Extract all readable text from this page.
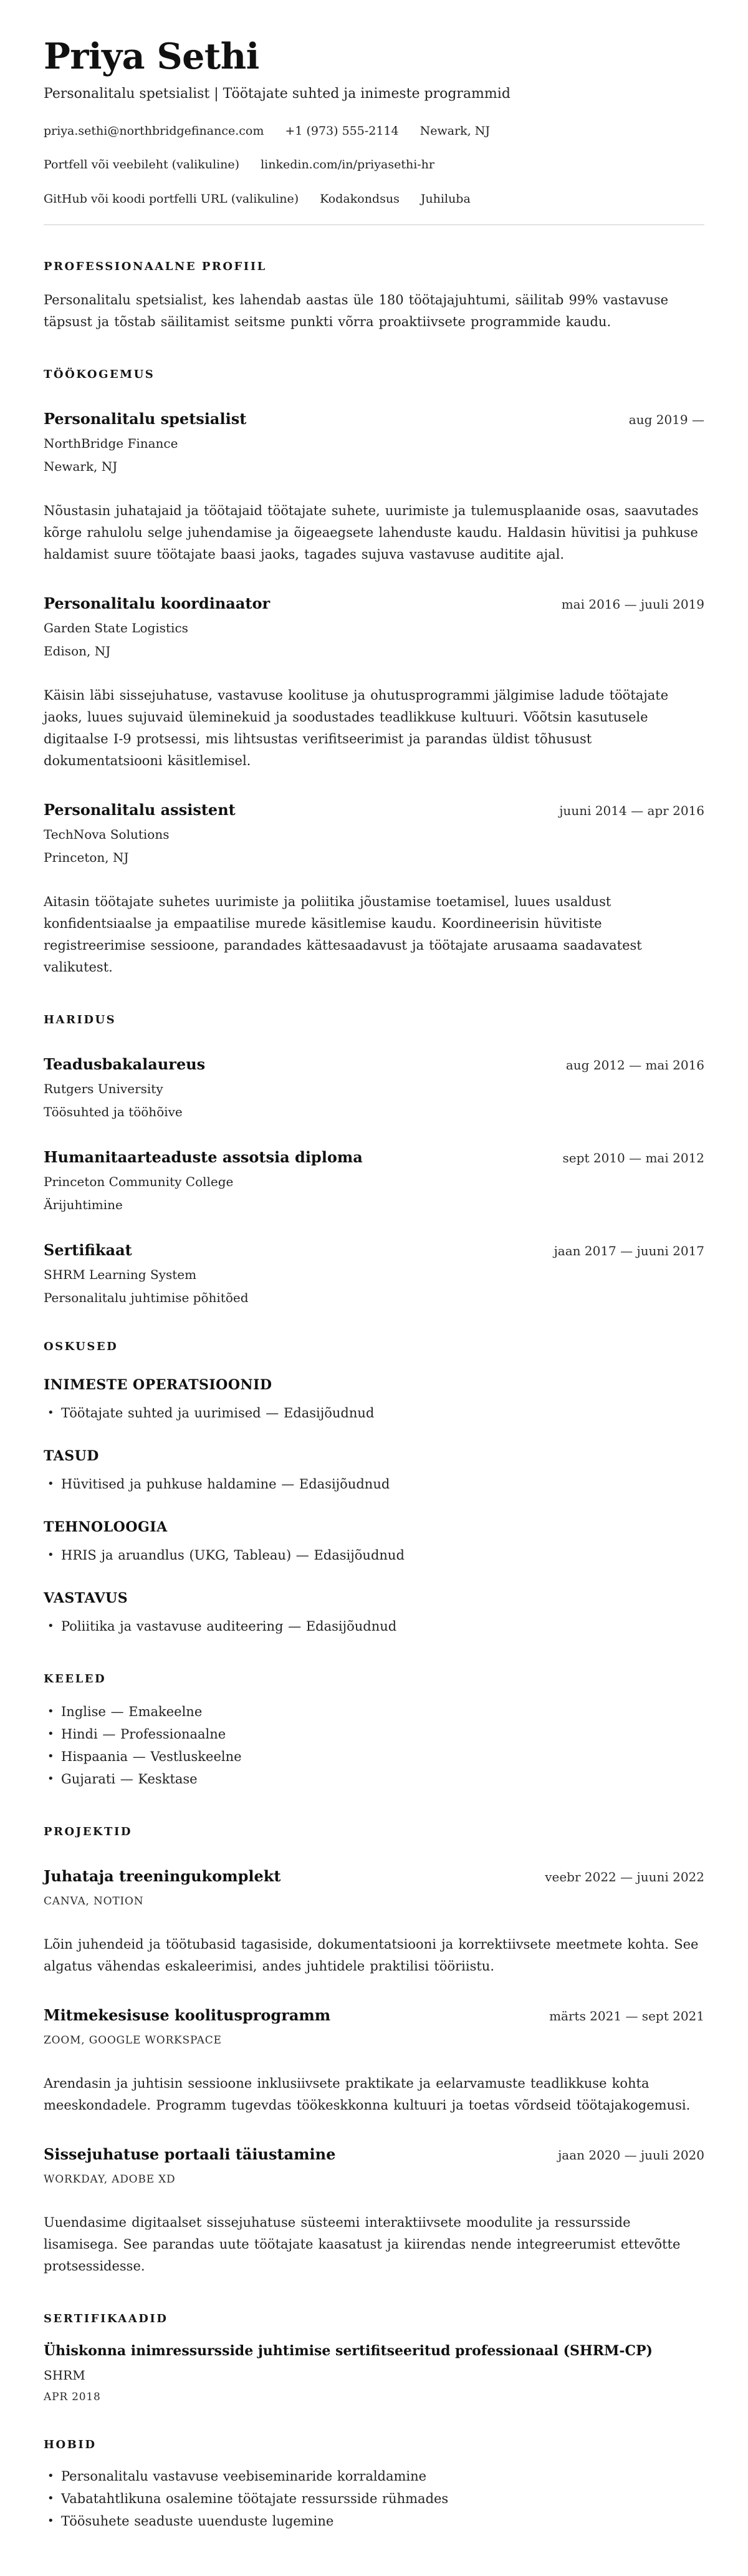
Priya Sethi

Personalitalu spetsialist | Töötajate suhted ja inimeste programmid

priya.sethi@northbridgefinance.com +1 (973) 555-2114 Newark, NJ
Portfell või veebileht (valikuline) linkedin.com/in/priyasethi-hr
GitHub või koodi portfelli URL (valikuline) Kodakondsus Juhiluba
PROFESSIONAALNE PROFIIL

Personalitalu spetsialist, kes lahendab aastas üle 180 töötajajuhtumi, säilitab 99% vastavuse täpsust ja tõstab säilitamist seitsme punkti võrra proaktiivsete programmide kaudu.

TÖÖKOGEMUS
Personalitalu spetsialist	aug 2019 —

NorthBridge Finance

Newark, NJ

Nõustasin juhatajaid ja töötajaid töötajate suhete, uurimiste ja tulemusplaanide osas, saavutades kõrge rahulolu selge juhendamise ja õigeaegsete lahenduste kaudu. Haldasin hüvitisi ja puhkuse haldamist suure töötajate baasi jaoks, tagades sujuva vastavuse auditite ajal.

Personalitalu koordinaator	mai 2016 — juuli 2019

Garden State Logistics

Edison, NJ

Käisin läbi sissejuhatuse, vastavuse koolituse ja ohutusprogrammi jälgimise ladude töötajate jaoks, luues sujuvaid üleminekuid ja soodustades teadlikkuse kultuuri. Võõtsin kasutusele digitaalse I-9 protsessi, mis lihtsustas verifitseerimist ja parandas üldist tõhusust dokumentatsiooni käsitlemisel.

Personalitalu assistent	juuni 2014 — apr 2016

TechNova Solutions

Princeton, NJ

Aitasin töötajate suhetes uurimiste ja poliitika jõustamise toetamisel, luues usaldust konfidentsiaalse ja empaatilise murede käsitlemise kaudu. Koordineerisin hüvitiste registreerimise sessioone, parandades kättesaadavust ja töötajate arusaama saadavatest valikutest.

HARIDUS
Teadusbakalaureus	aug 2012 — mai 2016

Rutgers University

Töösuhted ja tööhõive

Humanitaarteaduste assotsia diploma	sept 2010 — mai 2012

Princeton Community College

Ärijuhtimine

Sertifikaat	jaan 2017 — juuni 2017

SHRM Learning System

Personalitalu juhtimise põhitõed

OSKUSED
INIMESTE OPERATSIOONID
• Töötajate suhted ja uurimised — Edasijõudnud
TASUD
• Hüvitised ja puhkuse haldamine — Edasijõudnud
TEHNOLOOGIA
• HRIS ja aruandlus (UKG, Tableau) — Edasijõudnud
VASTAVUS
• Poliitika ja vastavuse auditeering — Edasijõudnud
KEELED
• Inglise — Emakeelne
• Hindi — Professionaalne
• Hispaania — Vestluskeelne
• Gujarati — Kesktase
PROJEKTID
Juhataja treeningukomplekt	veebr 2022 — juuni 2022

CANVA, NOTION

Lõin juhendeid ja töötubasid tagasiside, dokumentatsiooni ja korrektiivsete meetmete kohta. See algatus vähendas eskaleerimisi, andes juhtidele praktilisi tööriistu.

Mitmekesisuse koolitusprogramm	märts 2021 — sept 2021

ZOOM, GOOGLE WORKSPACE

Arendasin ja juhtisin sessioone inklusiivsete praktikate ja eelarvamuste teadlikkuse kohta meeskondadele. Programm tugevdas töökeskkonna kultuuri ja toetas võrdseid töötajakogemusi.

Sissejuhatuse portaali täiustamine	jaan 2020 — juuli 2020

WORKDAY, ADOBE XD

Uuendasime digitaalset sissejuhatuse süsteemi interaktiivsete moodulite ja ressursside lisamisega. See parandas uute töötajate kaasatust ja kiirendas nende integreerumist ettevõtte protsessidesse.

SERTIFIKAADID
Ühiskonna inimressursside juhtimise sertifitseeritud professionaal (SHRM-CP)

SHRM

APR 2018

HOBID
• Personalitalu vastavuse veebiseminaride korraldamine
• Vabatahtlikuna osalemine töötajate ressursside rühmades
• Töösuhete seaduste uuenduste lugemine
